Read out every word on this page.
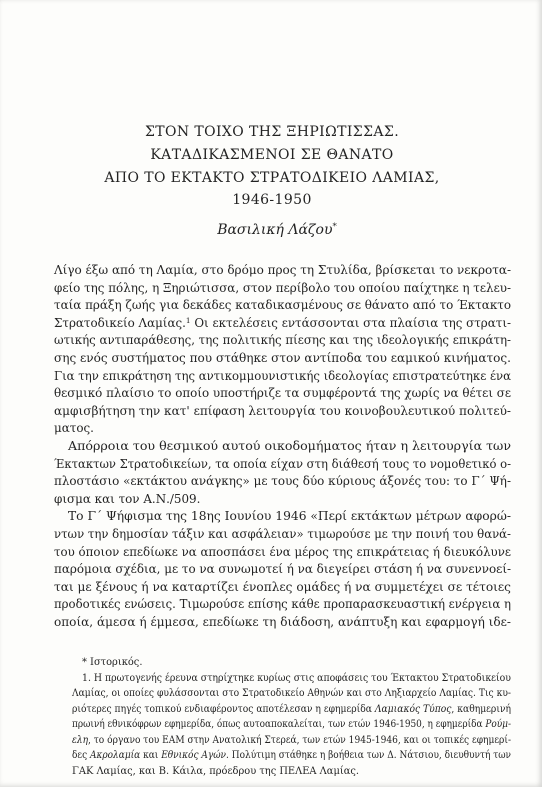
ΣΤΟΝ ΤΟΙΧΟ ΤΗΣ ΞΗΡΙΩΤΙΣΣΑΣ.
ΚΑΤΑΔΙΚΑΣΜΕΝΟΙ ΣΕ ΘΑΝΑΤΟ
ΑΠΟ ΤΟ ΕΚΤΑΚΤΟ ΣΤΡΑΤΟΔΙΚΕΙΟ ΛΑΜΙΑΣ,
1946-1950
Βασιλική Λάζου*
Λίγο έξω από τη Λαμία, στο δρόμο προς τη Στυλίδα, βρίσκεται το νεκροτα-
φείο της πόλης, η Ξηριώτισσα, στον περίβολο του οποίου παίχτηκε η τελευ-
ταία πράξη ζωής για δεκάδες καταδικασμένους σε θάνατο από το Έκτακτο
Στρατοδικείο Λαμίας.$^1$ Οι εκτελέσεις εντάσσονται στα πλαίσια της στρατι-
ωτικής αντιπαράθεσης, της πολιτικής πίεσης και της ιδεολογικής επικράτη-
σης ενός συστήματος που στάθηκε στον αντίποδα του εαμικού κινήματος.
Για την επικράτηση της αντικομμουνιστικής ιδεολογίας επιστρατεύτηκε ένα
θεσμικό πλαίσιο το οποίο υποστήριζε τα συμφέροντά της χωρίς να θέτει σε
αμφισβήτηση την κατ' επίφαση λειτουργία του κοινοβουλευτικού πολιτεύ-
ματος.
Απόρροια του θεσμικού αυτού οικοδομήματος ήταν η λειτουργία των
Έκτακτων Στρατοδικείων, τα οποία είχαν στη διάθεσή τους το νομοθετικό ο-
πλοστάσιο «εκτάκτου ανάγκης» με τους δύο κύριους άξονές του: το Γ΄ Ψή-
φισμα και τον Α.Ν./509.
Το Γ΄ Ψήφισμα της 18ης Ιουνίου 1946 «Περί εκτάκτων μέτρων αφορώ-
ντων την δημοσίαν τάξιν και ασφάλειαν» τιμωρούσε με την ποινή του θανά-
του όποιον επεδίωκε να αποσπάσει ένα μέρος της επικράτειας ή διευκόλυνε
παρόμοια σχέδια, με το να συνωμοτεί ή να διεγείρει στάση ή να συνεννοεί-
ται με ξένους ή να καταρτίζει ένοπλες ομάδες ή να συμμετέχει σε τέτοιες
προδοτικές ενώσεις. Τιμωρούσε επίσης κάθε προπαρασκευαστική ενέργεια η
οποία, άμεσα ή έμμεσα, επεδίωκε τη διάδοση, ανάπτυξη και εφαρμογή ιδε-
* Ιστορικός.
1. Η πρωτογενής έρευνα στηρίχτηκε κυρίως στις αποφάσεις του Έκτακτου Στρατοδικείου
Λαμίας, οι οποίες φυλάσσονται στο Στρατοδικείο Αθηνών και στο Ληξιαρχείο Λαμίας. Τις κυ-
ριότερες πηγές τοπικού ενδιαφέροντος αποτέλεσαν η εφημερίδα Λαμιακός Τύπος, καθημερινή
πρωινή εθνικόφρων εφημερίδα, όπως αυτοαποκαλείται, των ετών 1946-1950, η εφημερίδα Ρούμ-
ελη, το όργανο του ΕΑΜ στην Ανατολική Στερεά, των ετών 1945-1946, και οι τοπικές εφημερί-
δες Ακρολαμία και Εθνικός Αγών. Πολύτιμη στάθηκε η βοήθεια των Δ. Νάτσιου, διευθυντή των
ΓΑΚ Λαμίας, και Β. Κάιλα, πρόεδρου της ΠΕΛΕΑ Λαμίας.
